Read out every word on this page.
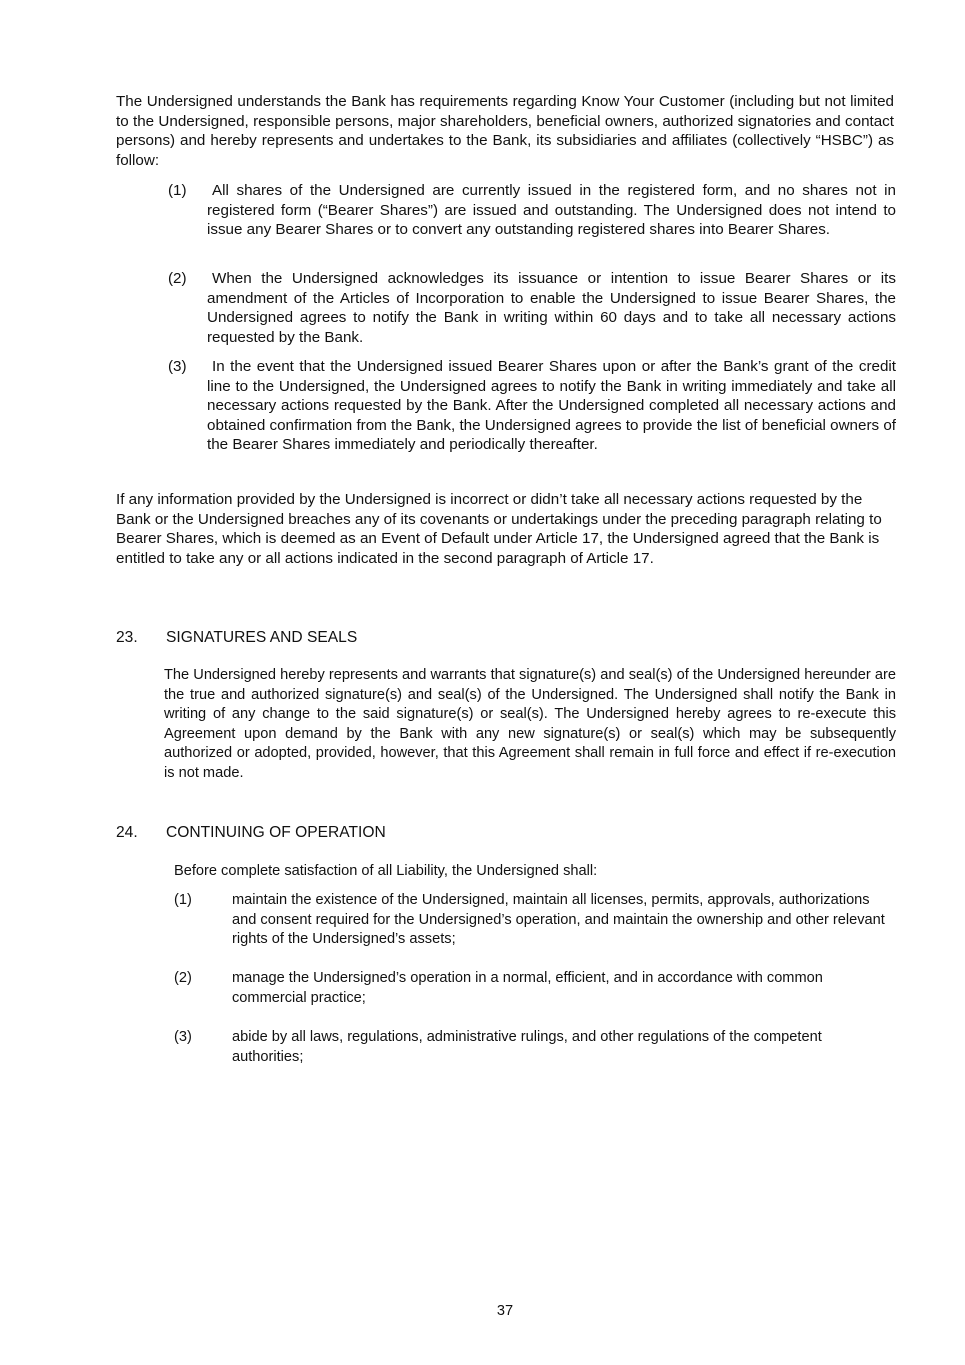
The Undersigned understands the Bank has requirements regarding Know Your Customer (including but not limited to the Undersigned, responsible persons, major shareholders, beneficial owners, authorized signatories and contact persons) and hereby represents and undertakes to the Bank, its subsidiaries and affiliates (collectively “HSBC”) as follow:

(1)	All shares of the Undersigned are currently issued in the registered form, and no shares not in registered form (“Bearer Shares”) are issued and outstanding. The Undersigned does not intend to issue any Bearer Shares or to convert any outstanding registered shares into Bearer Shares.
(2)	When the Undersigned acknowledges its issuance or intention to issue Bearer Shares or its amendment of the Articles of Incorporation to enable the Undersigned to issue Bearer Shares, the Undersigned agrees to notify the Bank in writing within 60 days and to take all necessary actions requested by the Bank.
(3)	In the event that the Undersigned issued Bearer Shares upon or after the Bank’s grant of the credit line to the Undersigned, the Undersigned agrees to notify the Bank in writing immediately and take all necessary actions requested by the Bank. After the Undersigned completed all necessary actions and obtained confirmation from the Bank, the Undersigned agrees to provide the list of beneficial owners of the Bearer Shares immediately and periodically thereafter.

If any information provided by the Undersigned is incorrect or didn’t take all necessary actions requested by the Bank or the Undersigned breaches any of its covenants or undertakings under the preceding paragraph relating to Bearer Shares, which is deemed as an Event of Default under Article 17, the Undersigned agreed that the Bank is entitled to take any or all actions indicated in the second paragraph of Article 17.

23.	SIGNATURES AND SEALS

The Undersigned hereby represents and warrants that signature(s) and seal(s) of the Undersigned hereunder are the true and authorized signature(s) and seal(s) of the Undersigned. The Undersigned shall notify the Bank in writing of any change to the said signature(s) or seal(s). The Undersigned hereby agrees to re-execute this Agreement upon demand by the Bank with any new signature(s) or seal(s) which may be subsequently authorized or adopted, provided, however, that this Agreement shall remain in full force and effect if re-execution is not made.

24.	CONTINUING OF OPERATION

Before complete satisfaction of all Liability, the Undersigned shall:

(1)	maintain the existence of the Undersigned, maintain all licenses, permits, approvals, authorizations and consent required for the Undersigned’s operation, and maintain the ownership and other relevant rights of the Undersigned’s assets;
(2)	manage the Undersigned’s operation in a normal, efficient, and in accordance with common commercial practice;
(3)	abide by all laws, regulations, administrative rulings, and other regulations of the competent authorities;
37
